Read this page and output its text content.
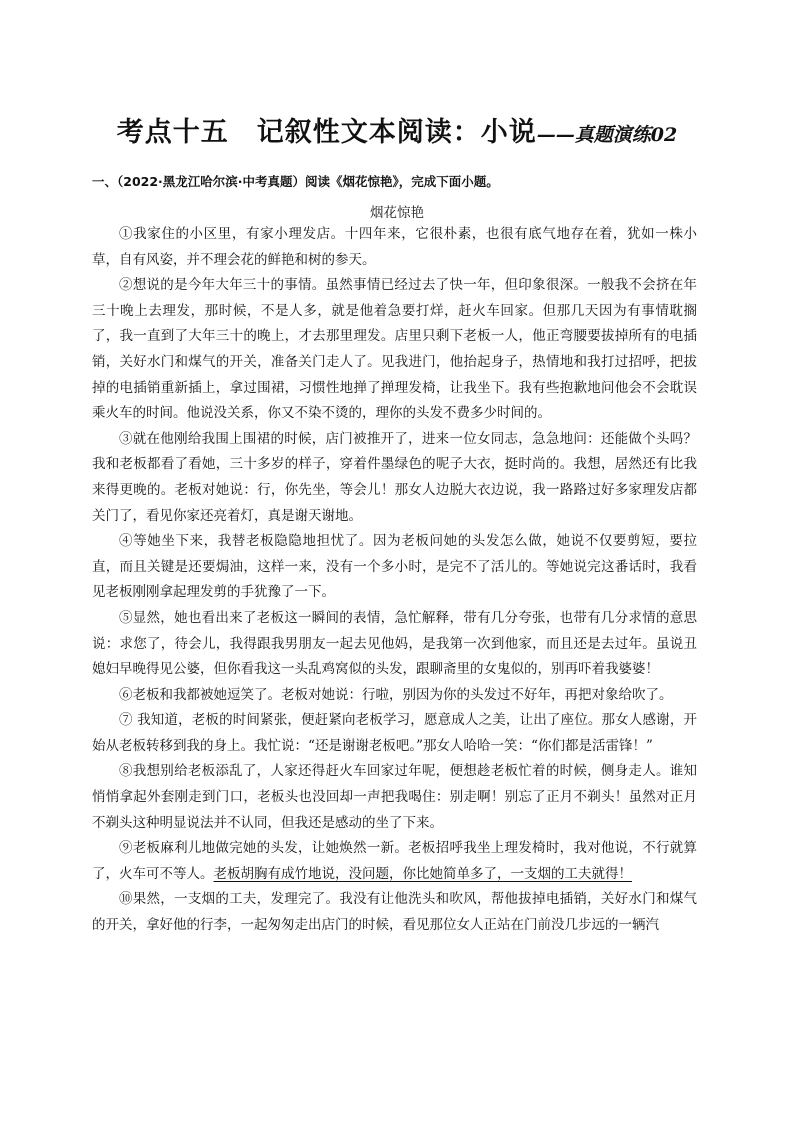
考点十五　记叙性文本阅读：小说——真题演练02
一、（2022·黑龙江哈尔滨·中考真题）阅读《烟花惊艳》，完成下面小题。
烟花惊艳

①我家住的小区里，有家小理发店。十四年来，它很朴素，也很有底气地存在着，犹如一株小草，自有风姿，并不理会花的鲜艳和树的参天。

②想说的是今年大年三十的事情。虽然事情已经过去了快一年，但印象很深。一般我不会挤在年三十晚上去理发，那时候，不是人多，就是他着急要打烊，赶火车回家。但那几天因为有事情耽搁了，我一直到了大年三十的晚上，才去那里理发。店里只剩下老板一人，他正弯腰要拔掉所有的电插销，关好水门和煤气的开关，准备关门走人了。见我进门，他抬起身子，热情地和我打过招呼，把拔掉的电插销重新插上，拿过围裙，习惯性地掸了掸理发椅，让我坐下。我有些抱歉地问他会不会耽误乘火车的时间。他说没关系，你又不染不烫的，理你的头发不费多少时间的。

③就在他刚给我围上围裙的时候，店门被推开了，进来一位女同志，急急地问：还能做个头吗？我和老板都看了看她，三十多岁的样子，穿着件墨绿色的呢子大衣，挺时尚的。我想，居然还有比我来得更晚的。老板对她说：行，你先坐，等会儿！那女人边脱大衣边说，我一路路过好多家理发店都关门了，看见你家还亮着灯，真是谢天谢地。

④等她坐下来，我替老板隐隐地担忧了。因为老板问她的头发怎么做，她说不仅要剪短，要拉直，而且关键是还要焗油，这样一来，没有一个多小时，是完不了活儿的。等她说完这番话时，我看见老板刚刚拿起理发剪的手犹豫了一下。

⑤显然，她也看出来了老板这一瞬间的表情，急忙解释，带有几分夸张，也带有几分求情的意思说：求您了，待会儿，我得跟我男朋友一起去见他妈，是我第一次到他家，而且还是去过年。虽说丑媳妇早晚得见公婆，但你看我这一头乱鸡窝似的头发，跟聊斋里的女鬼似的，别再吓着我婆婆！

⑥老板和我都被她逗笑了。老板对她说：行啦，别因为你的头发过不好年，再把对象给吹了。

⑦ 我知道，老板的时间紧张，便赶紧向老板学习，愿意成人之美，让出了座位。那女人感谢，开始从老板转移到我的身上。我忙说：“还是谢谢老板吧。”那女人哈哈一笑：“你们都是活雷锋！”

⑧我想别给老板添乱了，人家还得赶火车回家过年呢，便想趁老板忙着的时候，侧身走人。谁知悄悄拿起外套刚走到门口，老板头也没回却一声把我喝住：别走啊！别忘了正月不剃头！虽然对正月不剃头这种明显说法并不认同，但我还是感动的坐了下来。

⑨老板麻利儿地做完她的头发，让她焕然一新。老板招呼我坐上理发椅时，我对他说，不行就算了，火车可不等人。老板胡胸有成竹地说，没问题，你比她简单多了，一支烟的工夫就得！

⑩果然，一支烟的工夫，发理完了。我没有让他洗头和吹风，帮他拔掉电插销，关好水门和煤气的开关，拿好他的行李，一起匆匆走出店门的时候，看见那位女人正站在门前没几步远的一辆汽
